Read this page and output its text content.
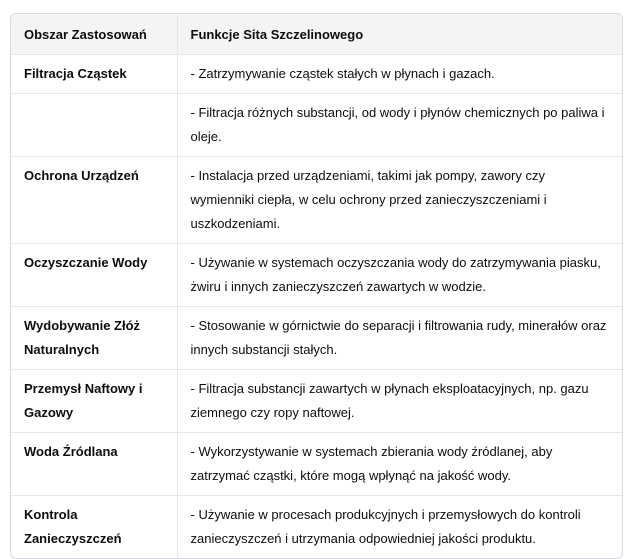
Obszar Zastosowań	Funkcje Sita Szczelinowego
Filtracja Cząstek	- Zatrzymywanie cząstek stałych w płynach i gazach.
	- Filtracja różnych substancji, od wody i płynów chemicznych po paliwa i oleje.
Ochrona Urządzeń	- Instalacja przed urządzeniami, takimi jak pompy, zawory czy wymienniki ciepła, w celu ochrony przed zanieczyszczeniami i uszkodzeniami.
Oczyszczanie Wody	- Używanie w systemach oczyszczania wody do zatrzymywania piasku, żwiru i innych zanieczyszczeń zawartych w wodzie.
Wydobywanie Złóż Naturalnych	- Stosowanie w górnictwie do separacji i filtrowania rudy, minerałów oraz innych substancji stałych.
Przemysł Naftowy i Gazowy	- Filtracja substancji zawartych w płynach eksploatacyjnych, np. gazu ziemnego czy ropy naftowej.
Woda Źródlana	- Wykorzystywanie w systemach zbierania wody źródlanej, aby zatrzymać cząstki, które mogą wpłynąć na jakość wody.
Kontrola Zanieczyszczeń	- Używanie w procesach produkcyjnych i przemysłowych do kontroli zanieczyszczeń i utrzymania odpowiedniej jakości produktu.
